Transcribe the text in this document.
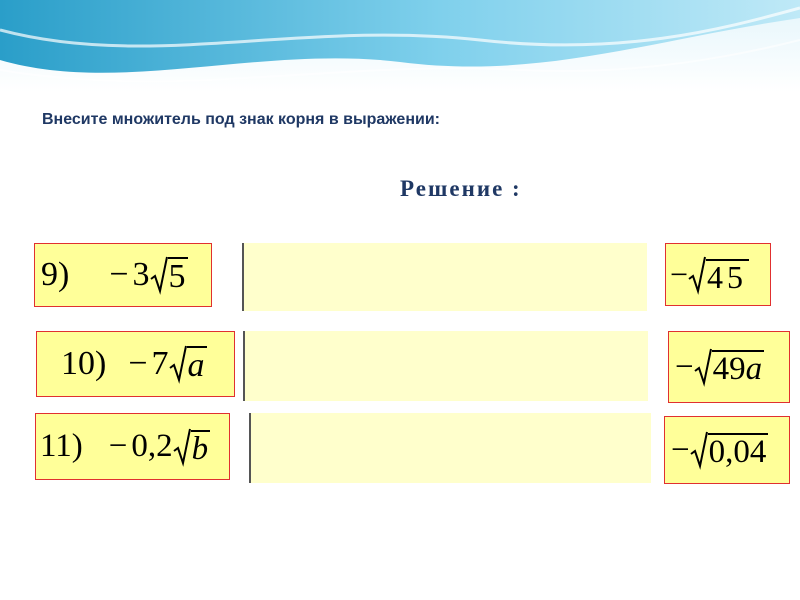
Внесите множитель под знак корня в выражении:
Решение :
9) − 3 5	− 45
10) − 7 a	− 49a
11) − 0,2 b	− 0,04
